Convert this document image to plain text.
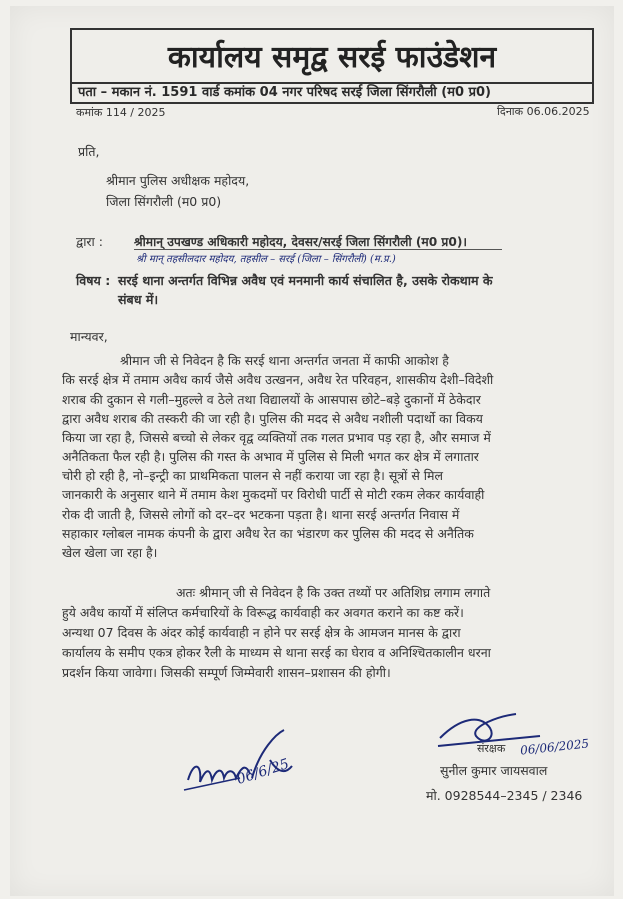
कार्यालय समृद्व सरई फाउंडेशन
पता – मकान नं. 1591 वार्ड कमांक 04 नगर परिषद सरई जिला सिंगरौली (म0 प्र0)
कमांक 114 / 2025	दिनाक 06.06.2025
प्रति,
श्रीमान पुलिस अधीक्षक महोदय,
जिला सिंगरौली (म0 प्र0)
द्वारा :	श्रीमान् उपखण्ड अधिकारी महोदय, देवसर/सरई जिला सिंगरौली (म0 प्र0)।
श्री मान् तहसीलदार महोदय, तहसील – सरई (जिला – सिंगरौली) (म.प्र.)
विषय : सरई थाना अन्तर्गत विभिन्न अवैध एवं मनमानी कार्य संचालित है, उसके रोकथाम के
संबध में।
मान्यवर,
श्रीमान जी से निवेदन है कि सरई थाना अन्तर्गत जनता में काफी आकोश है
कि सरई क्षेत्र में तमाम अवैध कार्य जैसे अवैध उत्खनन, अवैध रेत परिवहन, शासकीय देशी–विदेशी
शराब की दुकान से गली–मुहल्ले व ठेले तथा विद्यालयों के आसपास छोटे–बड़े दुकानों में ठेकेदार
द्वारा अवैध शराब की तस्करी की जा रही है। पुलिस की मदद से अवैध नशीली पदार्थो का विकय
किया जा रहा है, जिससे बच्चो से लेकर वृद्व व्यक्तियों तक गलत प्रभाव पड़ रहा है, और समाज में
अनैतिकता फैल रही है। पुलिस की गस्त के अभाव में पुलिस से मिली भगत कर क्षेत्र में लगातार
चोरी हो रही है, नो–इन्ट्री का प्राथमिकता पालन से नहीं कराया जा रहा है। सूत्रों से मिल
जानकारी के अनुसार थाने में तमाम केश मुकदमों पर विरोधी पार्टी से मोटी रकम लेकर कार्यवाही
रोक दी जाती है, जिससे लोगों को दर–दर भटकना पड़ता है। थाना सरई अन्तर्गत निवास में
सहाकार ग्लोबल नामक कंपनी के द्वारा अवैध रेत का भंडारण कर पुलिस की मदद से अनैतिक
खेल खेला जा रहा है।
अतः श्रीमान् जी से निवेदन है कि उक्त तथ्यों पर अतिशिघ्र लगाम लगाते
हुये अवैध कार्यो में संलिप्त कर्मचारियों के विरूद्ध कार्यवाही कर अवगत कराने का कष्ट करें।
अन्यथा 07 दिवस के अंदर कोई कार्यवाही न होने पर सरई क्षेत्र के आमजन मानस के द्वारा
कार्यालय के समीप एकत्र होकर रैली के माध्यम से थाना सरई का घेराव व अनिश्चितकालीन धरना
प्रदर्शन किया जावेगा। जिसकी सम्पूर्ण जिम्मेवारी शासन–प्रशासन की होगी।
06/6/25
संरक्षक 06/06/2025
सुनील कुमार जायसवाल
मो. 0928544–2345 / 2346
